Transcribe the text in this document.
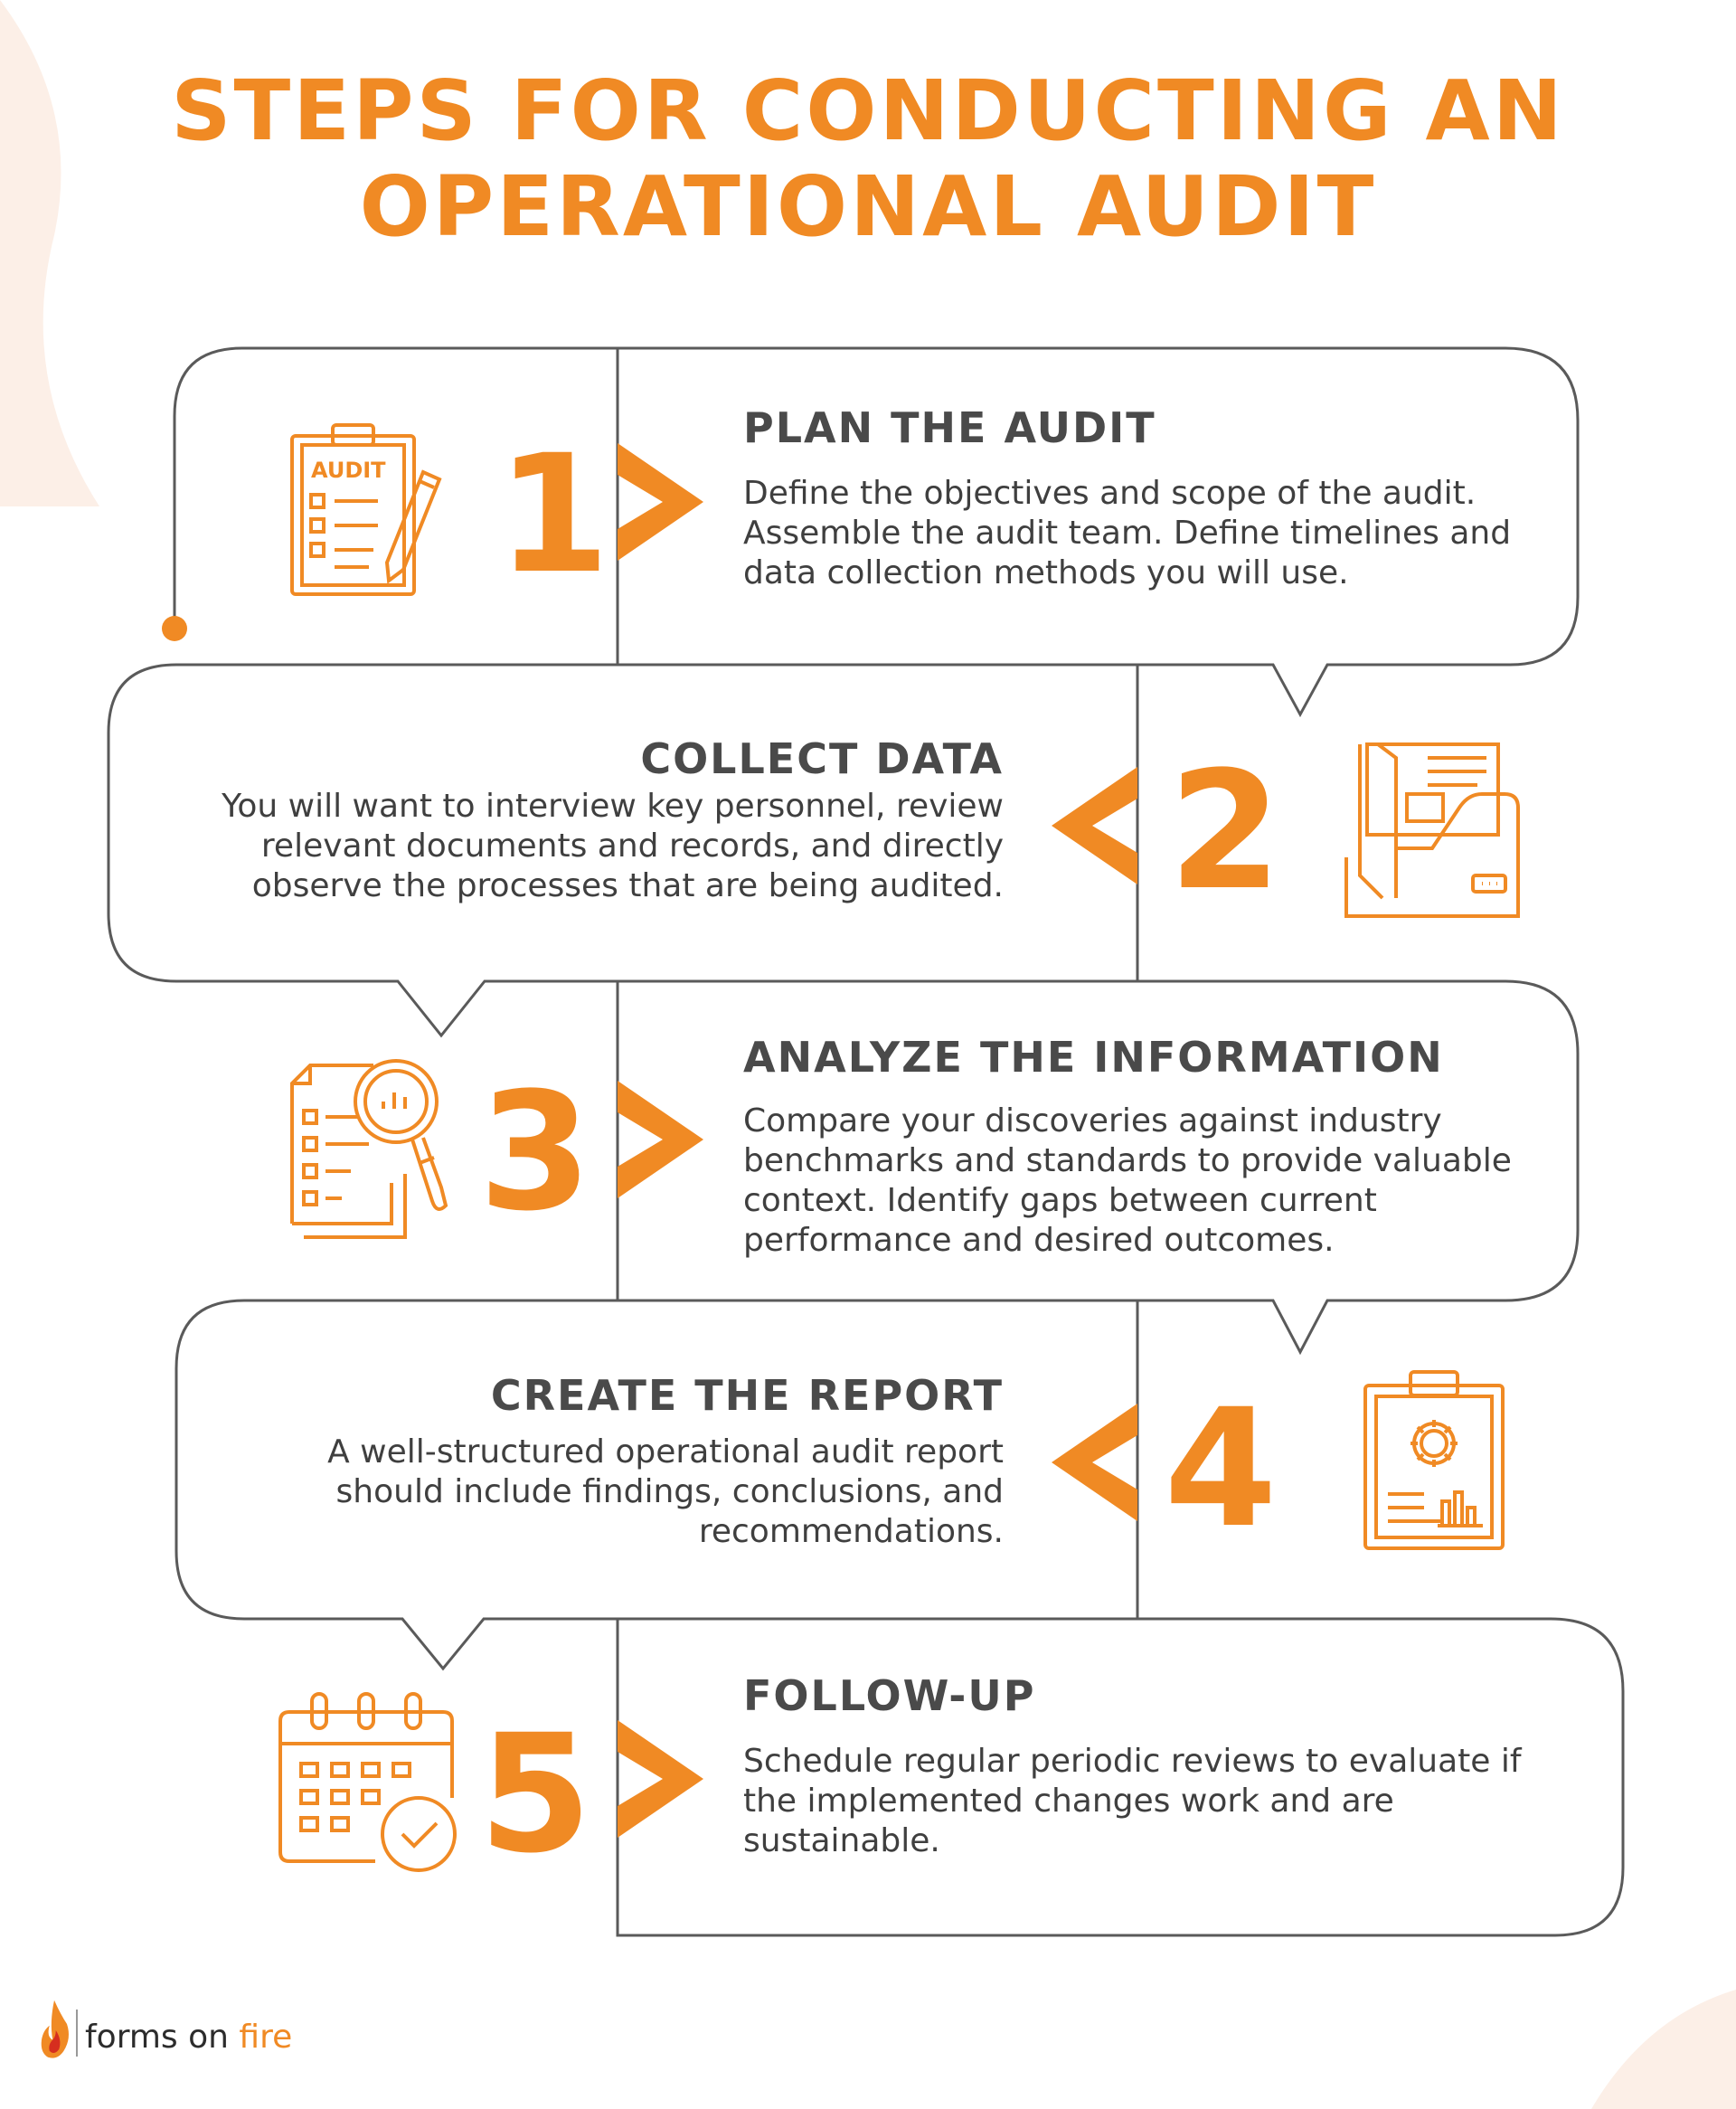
STEPS FOR CONDUCTING AN
OPERATIONAL AUDIT
AUDIT 1	PLAN THE AUDIT
Define the objectives and scope of the audit. Assemble the audit team. Define timelines and data collection methods you will use.
COLLECT DATA
You will want to interview key personnel, review relevant documents and records, and directly observe the processes that are being audited. 2
3
ANALYZE THE INFORMATION
Compare your discoveries against industry benchmarks and standards to provide valuable context. Identify gaps between current performance and desired outcomes.
CREATE THE REPORT
A well-structured operational audit report should include findings, conclusions, and recommendations. 4
5
FOLLOW-UP
Schedule regular periodic reviews to evaluate if the implemented changes work and are sustainable.
forms on fire
